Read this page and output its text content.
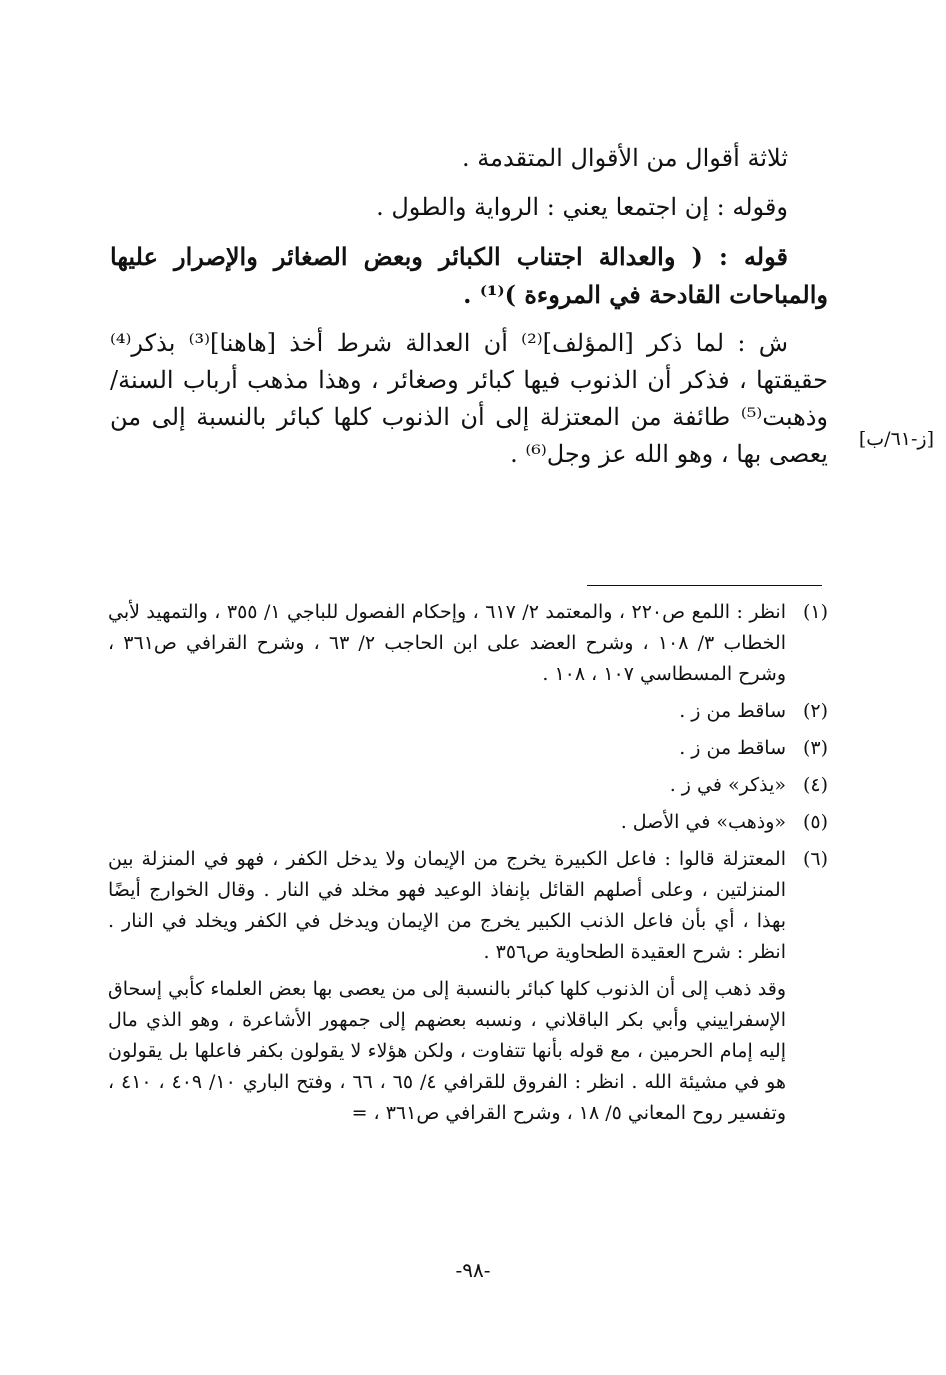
ثلاثة أقوال من الأقوال المتقدمة .

وقوله : إن اجتمعا يعني : الرواية والطول .

قوله : ( والعدالة اجتناب الكبائر وبعض الصغائر والإصرار عليها والمباحات القادحة في المروءة )⁽¹⁾ .

ش : لما ذكر [المؤلف]⁽²⁾ أن العدالة شرط أخذ [هاهنا]⁽³⁾ بذكر⁽⁴⁾ حقيقتها ، فذكر أن الذنوب فيها كبائر وصغائر ، وهذا مذهب أرباب السنة/ وذهبت⁽⁵⁾ طائفة من المعتزلة إلى أن الذنوب كلها كبائر بالنسبة إلى من يعصى بها ، وهو الله عز وجل⁽⁶⁾ .

[ز-٦١/ب]
(١)
انظر : اللمع ص٢٢٠ ، والمعتمد ٢/ ٦١٧ ، وإحكام الفصول للباجي ١/ ٣٥٥ ، والتمهيد لأبي الخطاب ٣/ ١٠٨ ، وشرح العضد على ابن الحاجب ٢/ ٦٣ ، وشرح القرافي ص٣٦١ ، وشرح المسطاسي ١٠٧ ، ١٠٨ .
(٢)
ساقط من ز .
(٣)
ساقط من ز .
(٤)
«يذكر» في ز .
(٥)
«وذهب» في الأصل .
(٦)
المعتزلة قالوا : فاعل الكبيرة يخرج من الإيمان ولا يدخل الكفر ، فهو في المنزلة بين المنزلتين ، وعلى أصلهم القائل بإنفاذ الوعيد فهو مخلد في النار . وقال الخوارج أيضًا بهذا ، أي بأن فاعل الذنب الكبير يخرج من الإيمان ويدخل في الكفر ويخلد في النار . انظر : شرح العقيدة الطحاوية ص٣٥٦ .

وقد ذهب إلى أن الذنوب كلها كبائر بالنسبة إلى من يعصى بها بعض العلماء كأبي إسحاق الإسفراييني وأبي بكر الباقلاني ، ونسبه بعضهم إلى جمهور الأشاعرة ، وهو الذي مال إليه إمام الحرمين ، مع قوله بأنها تتفاوت ، ولكن هؤلاء لا يقولون بكفر فاعلها بل يقولون هو في مشيئة الله . انظر : الفروق للقرافي ٤/ ٦٥ ، ٦٦ ، وفتح الباري ١٠/ ٤٠٩ ، ٤١٠ ، وتفسير روح المعاني ٥/ ١٨ ، وشرح القرافي ص٣٦١ ، =

-٩٨-
